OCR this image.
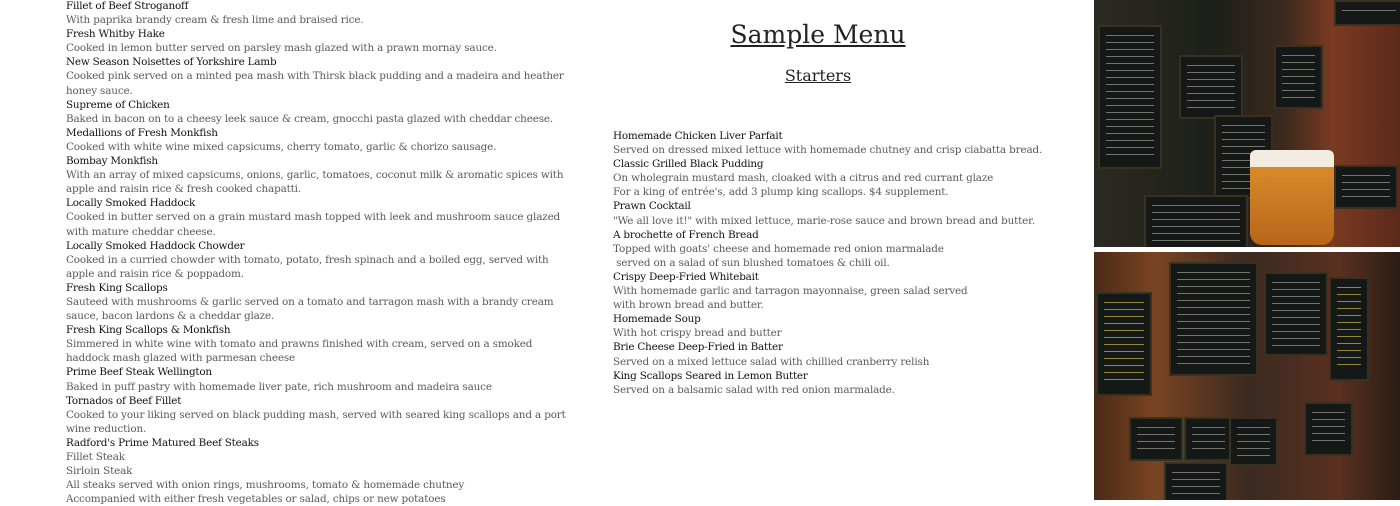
Fillet of Beef Stroganoff
With paprika brandy cream & fresh lime and braised rice.
Fresh Whitby Hake
Cooked in lemon butter served on parsley mash glazed with a prawn mornay sauce.
New Season Noisettes of Yorkshire Lamb
Cooked pink served on a minted pea mash with Thirsk black pudding and a madeira and heather
honey sauce.
Supreme of Chicken
Baked in bacon on to a cheesy leek sauce & cream, gnocchi pasta glazed with cheddar cheese.
Medallions of Fresh Monkfish
Cooked with white wine mixed capsicums, cherry tomato, garlic & chorizo sausage.
Bombay Monkfish
With an array of mixed capsicums, onions, garlic, tomatoes, coconut milk & aromatic spices with
apple and raisin rice & fresh cooked chapatti.
Locally Smoked Haddock
Cooked in butter served on a grain mustard mash topped with leek and mushroom sauce glazed
with mature cheddar cheese.
Locally Smoked Haddock Chowder
Cooked in a curried chowder with tomato, potato, fresh spinach and a boiled egg, served with
apple and raisin rice & poppadom.
Fresh King Scallops
Sauteed with mushrooms & garlic served on a tomato and tarragon mash with a brandy cream
sauce, bacon lardons & a cheddar glaze.
Fresh King Scallops & Monkfish
Simmered in white wine with tomato and prawns finished with cream, served on a smoked
haddock mash glazed with parmesan cheese
Prime Beef Steak Wellington
Baked in puff pastry with homemade liver pate, rich mushroom and madeira sauce
Tornados of Beef Fillet
Cooked to your liking served on black pudding mash, served with seared king scallops and a port
wine reduction.
Radford's Prime Matured Beef Steaks
Fillet Steak
Sirloin Steak
All steaks served with onion rings, mushrooms, tomato & homemade chutney
Accompanied with either fresh vegetables or salad, chips or new potatoes
Sample Menu
Starters
Homemade Chicken Liver Parfait
Served on dressed mixed lettuce with homemade chutney and crisp ciabatta bread.
Classic Grilled Black Pudding
On wholegrain mustard mash, cloaked with a citrus and red currant glaze
For a king of entrée's, add 3 plump king scallops. $4 supplement.
Prawn Cocktail
"We all love it!" with mixed lettuce, marie-rose sauce and brown bread and butter.
A brochette of French Bread
Topped with goats' cheese and homemade red onion marmalade
served on a salad of sun blushed tomatoes & chili oil.
Crispy Deep-Fried Whitebait
With homemade garlic and tarragon mayonnaise, green salad served
with brown bread and butter.
Homemade Soup
With hot crispy bread and butter
Brie Cheese Deep-Fried in Batter
Served on a mixed lettuce salad with chillied cranberry relish
King Scallops Seared in Lemon Butter
Served on a balsamic salad with red onion marmalade.
